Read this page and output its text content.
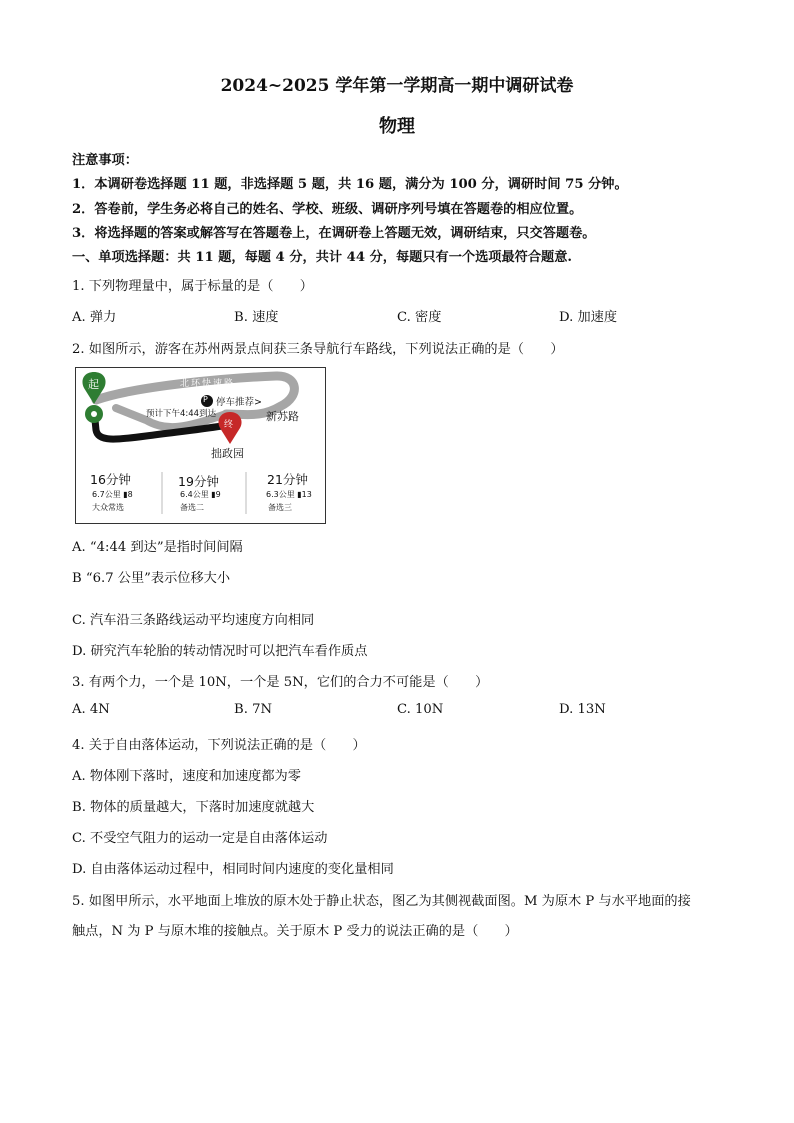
2024~2025 学年第一学期高一期中调研试卷
物理
注意事项：
1．本调研卷选择题 11 题，非选择题 5 题，共 16 题，满分为 100 分，调研时间 75 分钟。
2．答卷前，学生务必将自己的姓名、学校、班级、调研序列号填在答题卷的相应位置。
3．将选择题的答案或解答写在答题卷上，在调研卷上答题无效，调研结束，只交答题卷。
一、单项选择题：共 11 题，每题 4 分，共计 44 分，每题只有一个选项最符合题意.
1. 下列物理量中，属于标量的是（　　）
A. 弹力	B. 速度	C. 密度	D. 加速度
2. 如图所示，游客在苏州两景点间获三条导航行车路线，下列说法正确的是（　　）
起
终
北环快速路
P 停车推荐>
预计下午4:44到达	新苏路
拙政园
16分钟
6.7公里 ▮8
大众常选
19分钟
6.4公里 ▮9
备选二
21分钟
6.3公里 ▮13
备选三
A. “4:44 到达”是指时间间隔
B “6.7 公里”表示位移大小
C. 汽车沿三条路线运动平均速度方向相同
D. 研究汽车轮胎的转动情况时可以把汽车看作质点
3. 有两个力，一个是 10N，一个是 5N，它们的合力不可能是（　　）
A. 4N	B. 7N	C. 10N	D. 13N
4. 关于自由落体运动，下列说法正确的是（　　）
A. 物体刚下落时，速度和加速度都为零
B. 物体的质量越大，下落时加速度就越大
C. 不受空气阻力的运动一定是自由落体运动
D. 自由落体运动过程中，相同时间内速度的变化量相同
5. 如图甲所示，水平地面上堆放的原木处于静止状态，图乙为其侧视截面图。M 为原木 P 与水平地面的接
触点，N 为 P 与原木堆的接触点。关于原木 P 受力的说法正确的是（　　）
